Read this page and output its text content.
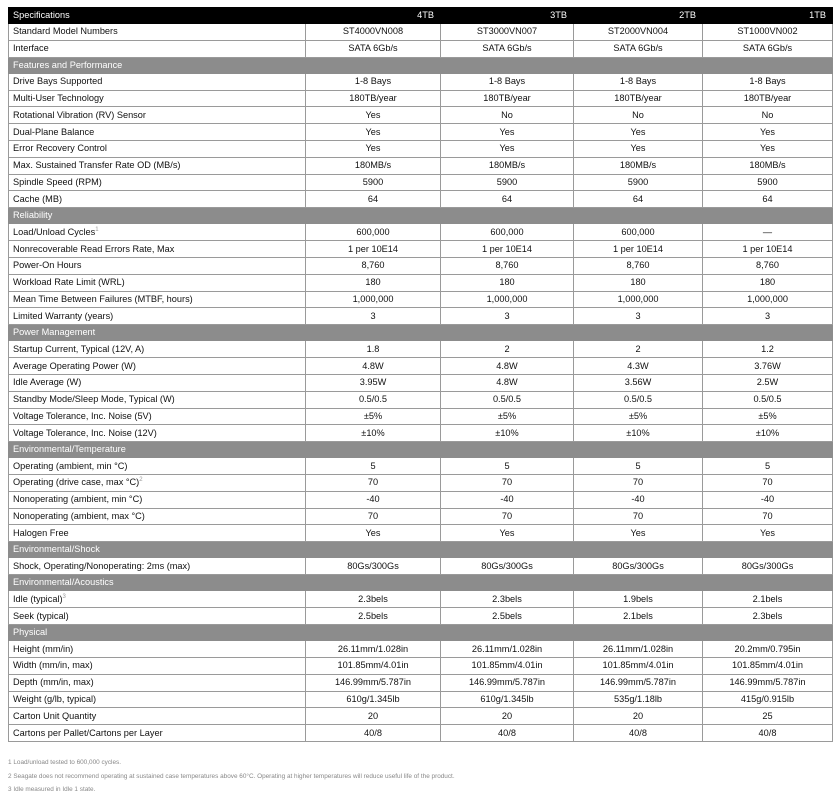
Specifications	4TB	3TB	2TB	1TB
Standard Model Numbers	ST4000VN008	ST3000VN007	ST2000VN004	ST1000VN002
Interface	SATA 6Gb/s	SATA 6Gb/s	SATA 6Gb/s	SATA 6Gb/s
Features and Performance				
Drive Bays Supported	1-8 Bays	1-8 Bays	1-8 Bays	1-8 Bays
Multi-User Technology	180TB/year	180TB/year	180TB/year	180TB/year
Rotational Vibration (RV) Sensor	Yes	No	No	No
Dual-Plane Balance	Yes	Yes	Yes	Yes
Error Recovery Control	Yes	Yes	Yes	Yes
Max. Sustained Transfer Rate OD (MB/s)	180MB/s	180MB/s	180MB/s	180MB/s
Spindle Speed (RPM)	5900	5900	5900	5900
Cache (MB)	64	64	64	64
Reliability				
Load/Unload Cycles$^1$	600,000	600,000	600,000	—
Nonrecoverable Read Errors Rate, Max	1 per 10E14	1 per 10E14	1 per 10E14	1 per 10E14
Power-On Hours	8,760	8,760	8,760	8,760
Workload Rate Limit (WRL)	180	180	180	180
Mean Time Between Failures (MTBF, hours)	1,000,000	1,000,000	1,000,000	1,000,000
Limited Warranty (years)	3	3	3	3
Power Management				
Startup Current, Typical (12V, A)	1.8	2	2	1.2
Average Operating Power (W)	4.8W	4.8W	4.3W	3.76W
Idle Average (W)	3.95W	4.8W	3.56W	2.5W
Standby Mode/Sleep Mode, Typical (W)	0.5/0.5	0.5/0.5	0.5/0.5	0.5/0.5
Voltage Tolerance, Inc. Noise (5V)	±5%	±5%	±5%	±5%
Voltage Tolerance, Inc. Noise (12V)	±10%	±10%	±10%	±10%
Environmental/Temperature				
Operating (ambient, min °C)	5	5	5	5
Operating (drive case, max °C)$^2$	70	70	70	70
Nonoperating (ambient, min °C)	-40	-40	-40	-40
Nonoperating (ambient, max °C)	70	70	70	70
Halogen Free	Yes	Yes	Yes	Yes
Environmental/Shock				
Shock, Operating/Nonoperating: 2ms (max)	80Gs/300Gs	80Gs/300Gs	80Gs/300Gs	80Gs/300Gs
Environmental/Acoustics				
Idle (typical)$^3$	2.3bels	2.3bels	1.9bels	2.1bels
Seek (typical)	2.5bels	2.5bels	2.1bels	2.3bels
Physical				
Height (mm/in)	26.11mm/1.028in	26.11mm/1.028in	26.11mm/1.028in	20.2mm/0.795in
Width (mm/in, max)	101.85mm/4.01in	101.85mm/4.01in	101.85mm/4.01in	101.85mm/4.01in
Depth (mm/in, max)	146.99mm/5.787in	146.99mm/5.787in	146.99mm/5.787in	146.99mm/5.787in
Weight (g/lb, typical)	610g/1.345lb	610g/1.345lb	535g/1.18lb	415g/0.915lb
Carton Unit Quantity	20	20	20	25
Cartons per Pallet/Cartons per Layer	40/8	40/8	40/8	40/8
1 Load/unload tested to 600,000 cycles.
2 Seagate does not recommend operating at sustained case temperatures above 60°C. Operating at higher temperatures will reduce useful life of the product.
3 Idle measured in Idle 1 state.
